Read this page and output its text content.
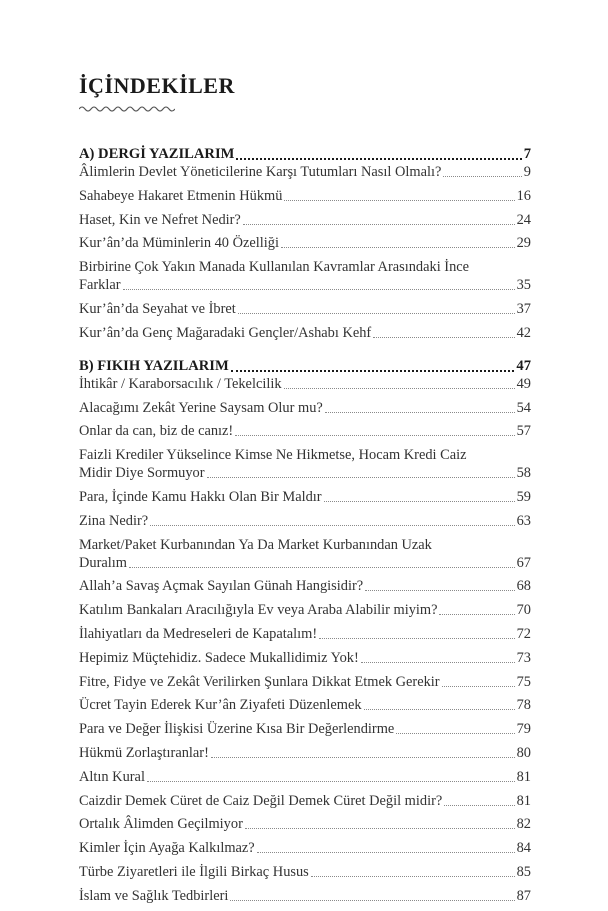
İÇİNDEKİLER
A) DERGİ YAZILARIM	7
Âlimlerin Devlet Yöneticilerine Karşı Tutumları Nasıl Olmalı?	9
Sahabeye Hakaret Etmenin Hükmü	16
Haset, Kin ve Nefret Nedir?	24
Kur’ân’da Müminlerin 40 Özelliği	29
Birbirine Çok Yakın Manada Kullanılan Kavramlar Arasındaki İnce
Farklar	35
Kur’ân’da Seyahat ve İbret	37
Kur’ân’da Genç Mağaradaki Gençler/Ashabı Kehf	42
B) FIKIH YAZILARIM	47
İhtikâr / Karaborsacılık / Tekelcilik	49
Alacağımı Zekât Yerine Saysam Olur mu?	54
Onlar da can, biz de canız!	57
Faizli Krediler Yükselince Kimse Ne Hikmetse, Hocam Kredi Caiz
Midir Diye Sormuyor	58
Para, İçinde Kamu Hakkı Olan Bir Maldır	59
Zina Nedir?	63
Market/Paket Kurbanından Ya Da Market Kurbanından Uzak
Duralım	67
Allah’a Savaş Açmak Sayılan Günah Hangisidir?	68
Katılım Bankaları Aracılığıyla Ev veya Araba Alabilir miyim?	70
İlahiyatları da Medreseleri de Kapatalım!	72
Hepimiz Müçtehidiz. Sadece Mukallidimiz Yok!	73
Fitre, Fidye ve Zekât Verilirken Şunlara Dikkat Etmek Gerekir	75
Ücret Tayin Ederek Kur’ân Ziyafeti Düzenlemek	78
Para ve Değer İlişkisi Üzerine Kısa Bir Değerlendirme	79
Hükmü Zorlaştıranlar!	80
Altın Kural	81
Caizdir Demek Cüret de Caiz Değil Demek Cüret Değil midir?	81
Ortalık Âlimden Geçilmiyor	82
Kimler İçin Ayağa Kalkılmaz?	84
Türbe Ziyaretleri ile İlgili Birkaç Husus	85
İslam ve Sağlık Tedbirleri	87
